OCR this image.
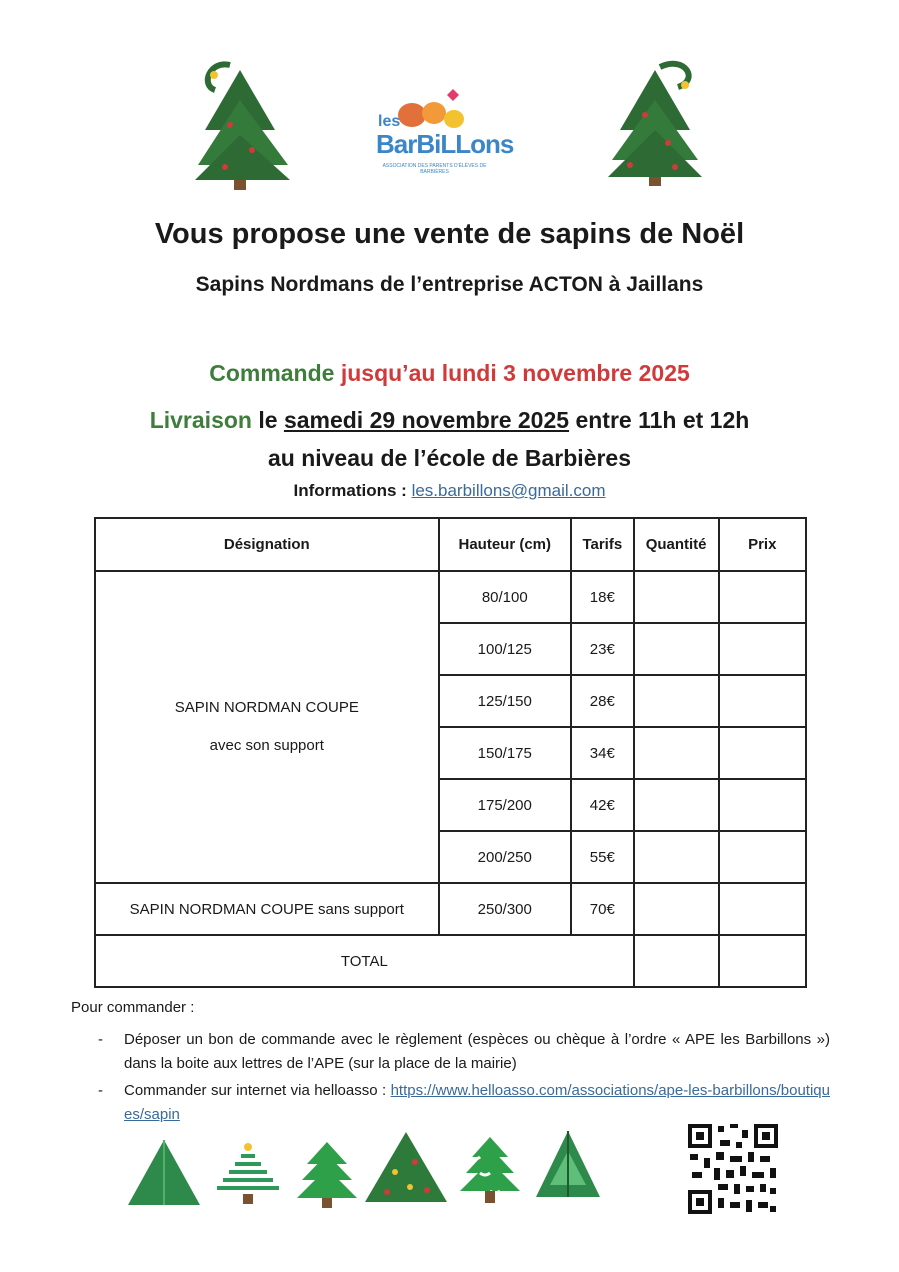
les
BarBiLLons
ASSOCIATION DES PARENTS D'ÉLÈVES DE BARBIÈRES
Vous propose une vente de sapins de Noël
Sapins Nordmans de l’entreprise ACTON à Jaillans
Commande jusqu’au lundi 3 novembre 2025
Livraison le samedi 29 novembre 2025 entre 11h et 12h
au niveau de l’école de Barbières
Informations : les.barbillons@gmail.com
Désignation	Hauteur (cm)	Tarifs	Quantité	Prix

SAPIN NORDMAN COUPE
avec son support	80/100	18€		
	100/125	23€		
	125/150	28€		
	150/175	34€		
	175/200	42€		
	200/250	55€		
SAPIN NORDMAN COUPE sans support	250/300	70€		
TOTAL				
Pour commander :
- Déposer un bon de commande avec le règlement (espèces ou chèque à l’ordre « APE les Barbillons ») dans la boite aux lettres de l’APE (sur la place de la mairie)
- Commander sur internet via helloasso : https://www.helloasso.com/associations/ape-les-barbillons/boutiques/sapin
